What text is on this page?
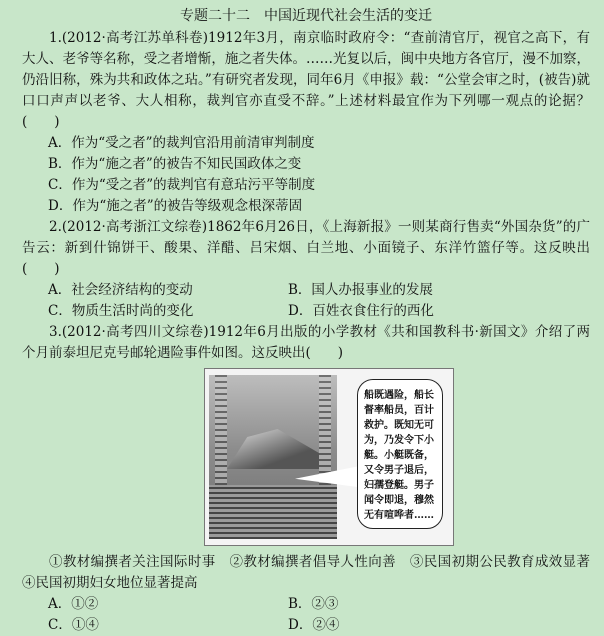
专题二十二　中国近现代社会生活的变迁

1.(2012·高考江苏单科卷)1912年3月，南京临时政府令：“查前清官厅，视官之高下，有大人、老爷等名称，受之者增惭，施之者失体。……光复以后，闽中央地方各官厅，漫不加察，仍沿旧称，殊为共和政体之玷。”有研究者发现，同年6月《申报》载：“公堂会审之时，(被告)就口口声声以老爷、大人相称，裁判官亦直受不辞。”上述材料最宜作为下列哪一观点的论据？(　　)

A．作为“受之者”的裁判官沿用前清审判制度

B．作为“施之者”的被告不知民国政体之变

C．作为“受之者”的裁判官有意玷污平等制度

D．作为“施之者”的被告等级观念根深蒂固

2.(2012·高考浙江文综卷)1862年6月26日，《上海新报》一则某商行售卖“外国杂货”的广告云：新到什锦饼干、酸果、洋醋、吕宋烟、白兰地、小面镜子、东洋竹篮仔等。这反映出(　　)

A．社会经济结构的变动	B．国人办报事业的发展
C．物质生活时尚的变化	D．百姓衣食住行的西化

3.(2012·高考四川文综卷)1912年6月出版的小学教材《共和国教科书·新国文》介绍了两个月前泰坦尼克号邮轮遇险事件如图。这反映出(　　)

船既遇险，船长督率船员，百计救护。既知无可为，乃发令下小艇。小艇既备，又令男子退后，妇孺登艇。男子闻令即退，穆然无有喧哗者……

①教材编撰者关注国际时事　②教材编撰者倡导人性向善　③民国初期公民教育成效显著　④民国初期妇女地位显著提高

A．①②	B．②③
C．①④	D．②④
